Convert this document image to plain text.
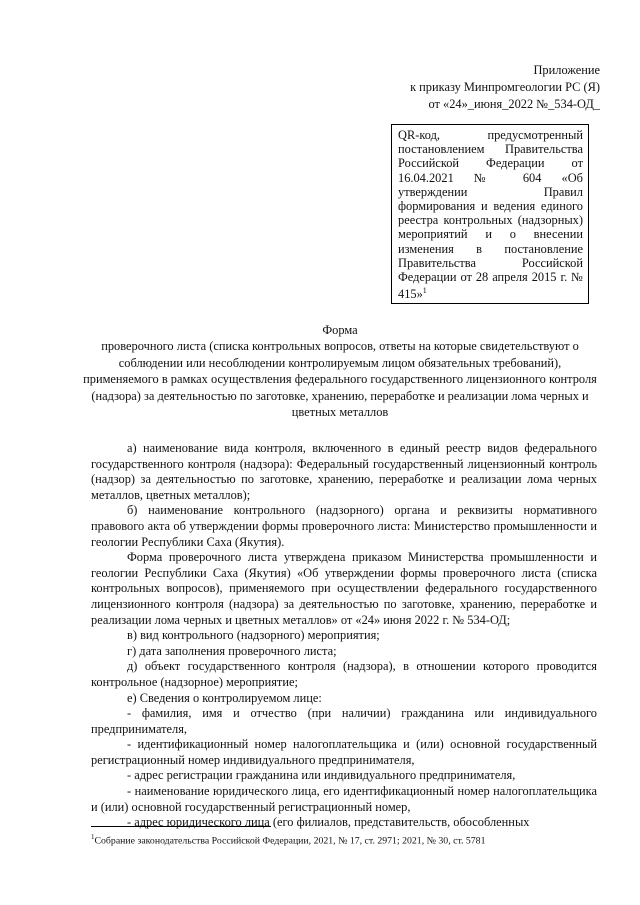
Приложение
к приказу Минпромгеологии РС (Я)
от «24»_июня_2022 №_534-ОД_
QR-код, предусмотренный постановлением Правительства Российской Федерации от 16.04.2021 № 604 «Об утверждении Правил формирования и ведения единого реестра контрольных (надзорных) мероприятий и о внесении изменения в постановление Правительства Российской Федерации от 28 апреля 2015 г. № 415»$^1$
Форма
проверочного листа (списка контрольных вопросов, ответы на которые свидетельствуют о соблюдении или несоблюдении контролируемым лицом обязательных требований), применяемого в рамках осуществления федерального государственного лицензионного контроля (надзора) за деятельностью по заготовке, хранению, переработке и реализации лома черных и цветных металлов

а) наименование вида контроля, включенного в единый реестр видов федерального государственного контроля (надзора): Федеральный государственный лицензионный контроль (надзор) за деятельностью по заготовке, хранению, переработке и реализации лома черных металлов, цветных металлов);

б) наименование контрольного (надзорного) органа и реквизиты нормативного правового акта об утверждении формы проверочного листа: Министерство промышленности и геологии Республики Саха (Якутия).

Форма проверочного листа утверждена приказом Министерства промышленности и геологии Республики Саха (Якутия) «Об утверждении формы проверочного листа (списка контрольных вопросов), применяемого при осуществлении федерального государственного лицензионного контроля (надзора) за деятельностью по заготовке, хранению, переработке и реализации лома черных и цветных металлов» от «24» июня 2022 г. № 534-ОД;

в) вид контрольного (надзорного) мероприятия;

г) дата заполнения проверочного листа;

д) объект государственного контроля (надзора), в отношении которого проводится контрольное (надзорное) мероприятие;

е) Сведения о контролируемом лице:

- фамилия, имя и отчество (при наличии) гражданина или индивидуального предпринимателя,

- идентификационный номер налогоплательщика и (или) основной государственный регистрационный номер индивидуального предпринимателя,

- адрес регистрации гражданина или индивидуального предпринимателя,

- наименование юридического лица, его идентификационный номер налогоплательщика и (или) основной государственный регистрационный номер,

- адрес юридического лица (его филиалов, представительств, обособленных

$^1$Собрание законодательства Российской Федерации, 2021, № 17, ст. 2971; 2021, № 30, ст. 5781
